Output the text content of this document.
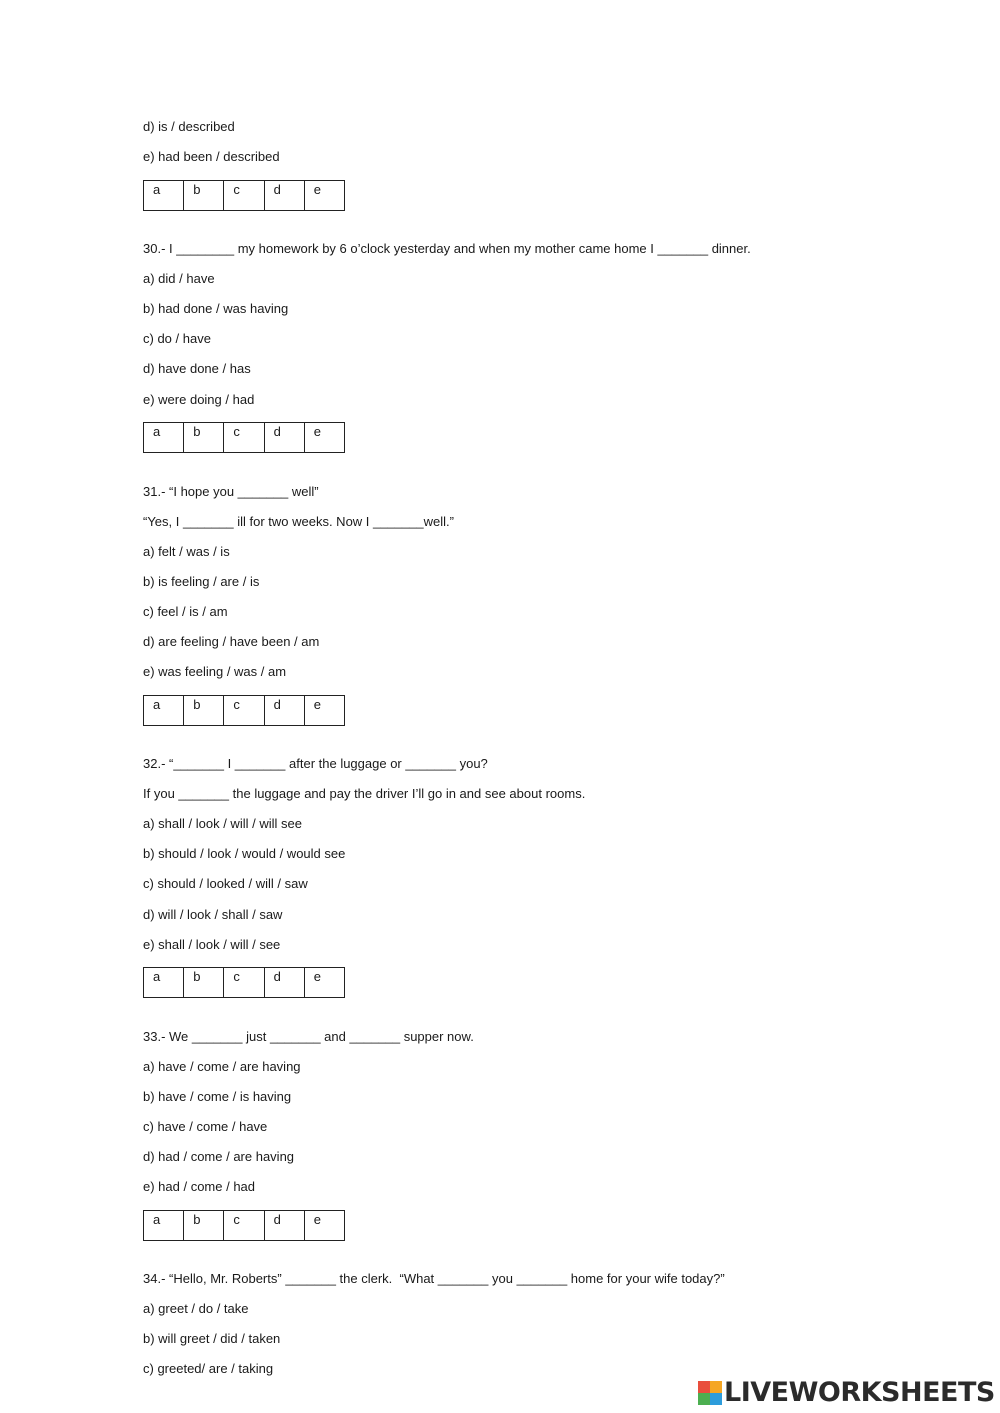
d) is / described
e) had been / described
a	b	c	d	e
30.- I ________ my homework by 6 o’clock yesterday and when my mother came home I _______ dinner.
a) did / have
b) had done / was having
c) do / have
d) have done / has
e) were doing / had
a	b	c	d	e
31.- “I hope you _______ well”
“Yes, I _______ ill for two weeks. Now I _______well.”
a) felt / was / is
b) is feeling / are / is
c) feel / is / am
d) are feeling / have been / am
e) was feeling / was / am
a	b	c	d	e
32.- “_______ I _______ after the luggage or _______ you?
If you _______ the luggage and pay the driver I’ll go in and see about rooms.
a) shall / look / will / will see
b) should / look / would / would see
c) should / looked / will / saw
d) will / look / shall / saw
e) shall / look / will / see
a	b	c	d	e
33.- We _______ just _______ and _______ supper now.
a) have / come / are having
b) have / come / is having
c) have / come / have
d) had / come / are having
e) had / come / had
a	b	c	d	e
34.- “Hello, Mr. Roberts” _______ the clerk.  “What _______ you _______ home for your wife today?”
a) greet / do / take
b) will greet / did / taken
c) greeted/ are / taking
LIVEWORKSHEETS
